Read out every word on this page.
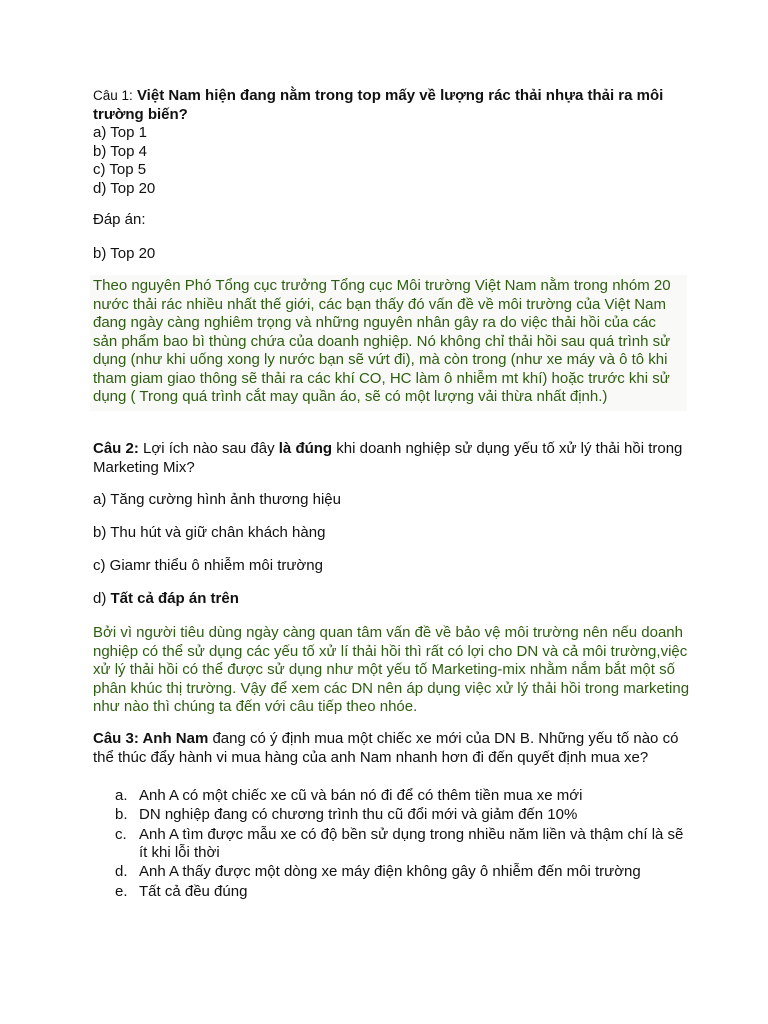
Câu 1: Việt Nam hiện đang nằm trong top mấy về lượng rác thải nhựa thải ra môi trường biến?
a) Top 1
b) Top 4
c) Top 5
d) Top 20
Đáp án:
b) Top 20
Theo nguyên Phó Tổng cục trưởng Tổng cục Môi trường Việt Nam nằm trong nhóm 20 nước thải rác nhiều nhất thế giới, các bạn thấy đó vấn đề về môi trường của Việt Nam đang ngày càng nghiêm trọng và những nguyên nhân gây ra do việc thải hồi của các sản phẩm bao bì thùng chứa của doanh nghiệp. Nó không chỉ thải hồi sau quá trình sử dụng (như khi uống xong ly nước bạn sẽ vứt đi), mà còn trong (như xe máy và ô tô khi tham giam giao thông sẽ thải ra các khí CO, HC làm ô nhiễm mt khí) hoặc trước khi sử dụng ( Trong quá trình cắt may quần áo, sẽ có một lượng vải thừa nhất định.)
Câu 2: Lợi ích nào sau đây là đúng khi doanh nghiệp sử dụng yếu tố xử lý thải hồi trong Marketing Mix?
a) Tăng cường hình ảnh thương hiệu
b) Thu hút và giữ chân khách hàng
c) Giamr thiểu ô nhiễm môi trường
d) Tất cả đáp án trên
Bởi vì người tiêu dùng ngày càng quan tâm vấn đề về bảo vệ môi trường nên nếu doanh nghiệp có thể sử dụng các yếu tố xử lí thải hồi thì rất có lợi cho DN và cả môi trường,việc xử lý thải hồi có thể được sử dụng như một yếu tố Marketing-mix nhằm nắm bắt một số phân khúc thị trường. Vậy để xem các DN nên áp dụng việc xử lý thải hồi trong marketing như nào thì chúng ta đến với câu tiếp theo nhóe.
Câu 3: Anh Nam đang có ý định mua một chiếc xe mới của DN B. Những yếu tố nào có thể thúc đẩy hành vi mua hàng của anh Nam nhanh hơn đi đến quyết định mua xe?
a. Anh A có một chiếc xe cũ và bán nó đi để có thêm tiền mua xe mới
b. DN nghiệp đang có chương trình thu cũ đổi mới và giảm đến 10%
c. Anh A tìm được mẫu xe có độ bền sử dụng trong nhiều năm liền và thậm chí là sẽ ít khi lỗi thời
d. Anh A thấy được một dòng xe máy điện không gây ô nhiễm đến môi trường
e. Tất cả đều đúng
